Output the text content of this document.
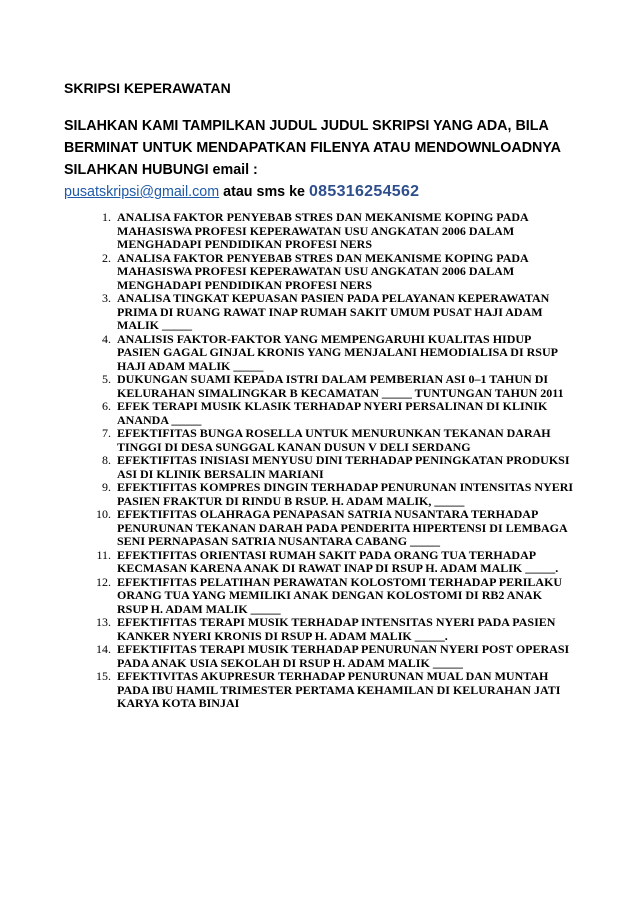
SKRIPSI KEPERAWATAN

SILAHKAN KAMI TAMPILKAN JUDUL JUDUL SKRIPSI YANG ADA, BILA BERMINAT UNTUK MENDAPATKAN FILENYA ATAU MENDOWNLOADNYA SILAHKAN HUBUNGI email :
pusatskripsi@gmail.com atau sms ke 085316254562

1. ANALISA FAKTOR PENYEBAB STRES DAN MEKANISME KOPING PADA MAHASISWA PROFESI KEPERAWATAN USU ANGKATAN 2006 DALAM MENGHADAPI PENDIDIKAN PROFESI NERS
2. ANALISA FAKTOR PENYEBAB STRES DAN MEKANISME KOPING PADA MAHASISWA PROFESI KEPERAWATAN USU ANGKATAN 2006 DALAM MENGHADAPI PENDIDIKAN PROFESI NERS
3. ANALISA TINGKAT KEPUASAN PASIEN PADA PELAYANAN KEPERAWATAN PRIMA DI RUANG RAWAT INAP RUMAH SAKIT UMUM PUSAT HAJI ADAM MALIK _____
4. ANALISIS FAKTOR-FAKTOR YANG MEMPENGARUHI KUALITAS HIDUP PASIEN GAGAL GINJAL KRONIS YANG MENJALANI HEMODIALISA DI RSUP HAJI ADAM MALIK _____
5. DUKUNGAN SUAMI KEPADA ISTRI DALAM PEMBERIAN ASI 0–1 TAHUN DI KELURAHAN SIMALINGKAR B KECAMATAN _____ TUNTUNGAN TAHUN 2011
6. EFEK TERAPI MUSIK KLASIK TERHADAP NYERI PERSALINAN DI KLINIK ANANDA _____
7. EFEKTIFITAS BUNGA ROSELLA UNTUK MENURUNKAN TEKANAN DARAH TINGGI DI DESA SUNGGAL KANAN DUSUN V DELI SERDANG
8. EFEKTIFITAS INISIASI MENYUSU DINI TERHADAP PENINGKATAN PRODUKSI ASI DI KLINIK BERSALIN MARIANI
9. EFEKTIFITAS KOMPRES DINGIN TERHADAP PENURUNAN INTENSITAS NYERI PASIEN FRAKTUR DI RINDU B RSUP. H. ADAM MALIK, _____
10. EFEKTIFITAS OLAHRAGA PENAPASAN SATRIA NUSANTARA TERHADAP PENURUNAN TEKANAN DARAH PADA PENDERITA HIPERTENSI DI LEMBAGA SENI PERNAPASAN SATRIA NUSANTARA CABANG _____
11. EFEKTIFITAS ORIENTASI RUMAH SAKIT PADA ORANG TUA TERHADAP KECMASAN KARENA ANAK DI RAWAT INAP DI RSUP H. ADAM MALIK _____.
12. EFEKTIFITAS PELATIHAN PERAWATAN KOLOSTOMI TERHADAP PERILAKU ORANG TUA YANG MEMILIKI ANAK DENGAN KOLOSTOMI DI RB2 ANAK RSUP H. ADAM MALIK _____
13. EFEKTIFITAS TERAPI MUSIK TERHADAP INTENSITAS NYERI PADA PASIEN KANKER NYERI KRONIS DI RSUP H. ADAM MALIK _____.
14. EFEKTIFITAS TERAPI MUSIK TERHADAP PENURUNAN NYERI POST OPERASI PADA ANAK USIA SEKOLAH DI RSUP H. ADAM MALIK _____
15. EFEKTIVITAS AKUPRESUR TERHADAP PENURUNAN MUAL DAN MUNTAH PADA IBU HAMIL TRIMESTER PERTAMA KEHAMILAN DI KELURAHAN JATI KARYA KOTA BINJAI
